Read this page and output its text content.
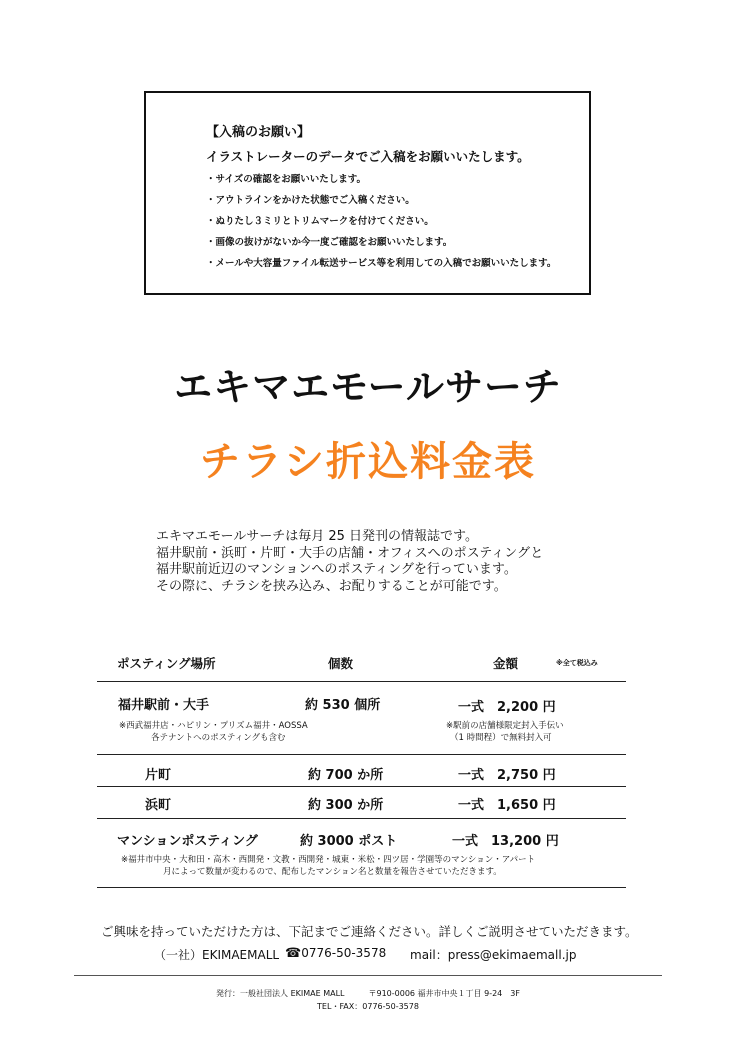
【入稿のお願い】
イラストレーターのデータでご入稿をお願いいたします。
・サイズの確認をお願いいたします。
・アウトラインをかけた状態でご入稿ください。
・ぬりたし３ミリとトリムマークを付けてください。
・画像の抜けがないか今一度ご確認をお願いいたします。
・メールや大容量ファイル転送サービス等を利用しての入稿でお願いいたします。
エキマエモールサーチ
チラシ折込料金表
エキマエモールサーチは毎月 25 日発刊の情報誌です。
福井駅前・浜町・片町・大手の店舗・オフィスへのポスティングと
福井駅前近辺のマンションへのポスティングを行っています。
その際に、チラシを挟み込み、お配りすることが可能です。
ポスティング場所	個数	金額	※全て税込み
福井駅前・大手	約 530 個所	一式　2,200 円
※西武福井店・ハピリン・プリズム福井・AOSSA
各テナントへのポスティングも含む
※駅前の店舗様限定封入手伝い
（1 時間程）で無料封入可
片町	約 700 か所	一式　2,750 円
浜町	約 300 か所	一式　1,650 円
マンションポスティング	約 3000 ポスト	一式　13,200 円
※福井市中央・大和田・高木・西開発・文教・西開発・城東・米松・四ツ居・学園等のマンション・アパート
月によって数量が変わるので、配布したマンション名と数量を報告させていただきます。
ご興味を持っていただけた方は、下記までご連絡ください。詳しくご説明させていただきます。
（一社）EKIMAEMALL ☎0776-50-3578 mail：press@ekimaemall.jp
発行：一般社団法人 EKIMAE MALL　　　	〒910-0006 福井市中央１丁目 9-24　3F
TEL・FAX：0776-50-3578
